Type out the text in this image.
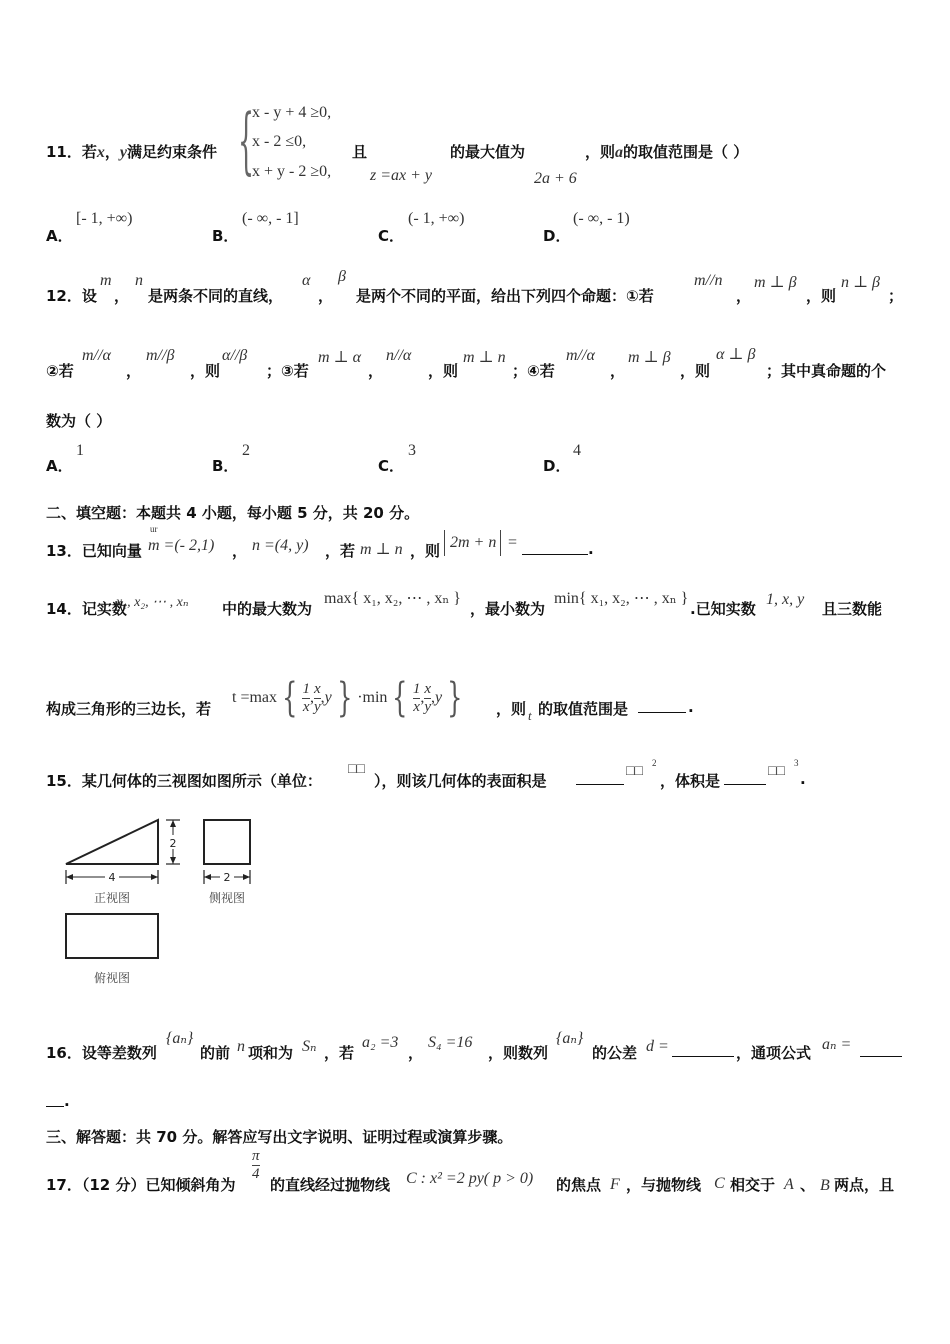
11．若x，y满足约束条件 {
x - y + 4 ≥0,
x - 2 ≤0,
x + y - 2 ≥0,
且
z =ax + y
的最大值为
2a + 6
，则a的取值范围是（ ）
A．
[- 1, +∞)
B．
(- ∞, - 1]
C．
(- 1, +∞)
D．
(- ∞, - 1)
12．设
m
，
n
是两条不同的直线，
α
，
β
是两个不同的平面，给出下列四个命题：①若
m//n
，
m ⊥ β
，则
n ⊥ β
；
②若
m//α
，
m//β
，则
α//β
；③若
m ⊥ α
，
n//α
，则
m ⊥ n
；④若
m//α
，
m ⊥ β
，则
α ⊥ β
；其中真命题的个
数为（ ）
A．
1
B．
2
C．
3
D．
4
二、填空题：本题共 4 小题，每小题 5 分，共 20 分。
13．已知向量
ur
m =(- 2,1) ， n =(4, y) ，若 m ⊥ n ，则 2m + n =	.
14．记实数
x₁, x₂, ⋯ , xₙ 中的最大数为
max{ x₁, x₂, ⋯ , xₙ }
，最小数为
min{ x₁, x₂, ⋯ , xₙ }
.已知实数
1, x, y
且三数能
构成三角形的三边长，若
t =max { $\frac{1}{x}$ , $\frac{x}{y}$ , y } ·min { $\frac{1}{x}$ , $\frac{x}{y}$ , y } ，则 t 的取值范围是	.
15．某几何体的三视图如图所示（单位：
□□
），则该几何体的表面积是
□□
2
，体积是
□□
3
.
2
4
正视图
2
侧视图
俯视图
16．设等差数列
{aₙ}
的前 n 项和为 Sₙ ，若
a₂ =3
，
S₄ =16
，则数列
{aₙ}
的公差 d =	，通项公式 aₙ =
.
三、解答题：共 70 分。解答应写出文字说明、证明过程或演算步骤。
17．（12 分）已知倾斜角为
$\frac{\pi}{4}$
的直线经过抛物线 C : x² =2 py( p > 0) 的焦点 F ，与抛物线 C 相交于 A 、 B 两点，且
